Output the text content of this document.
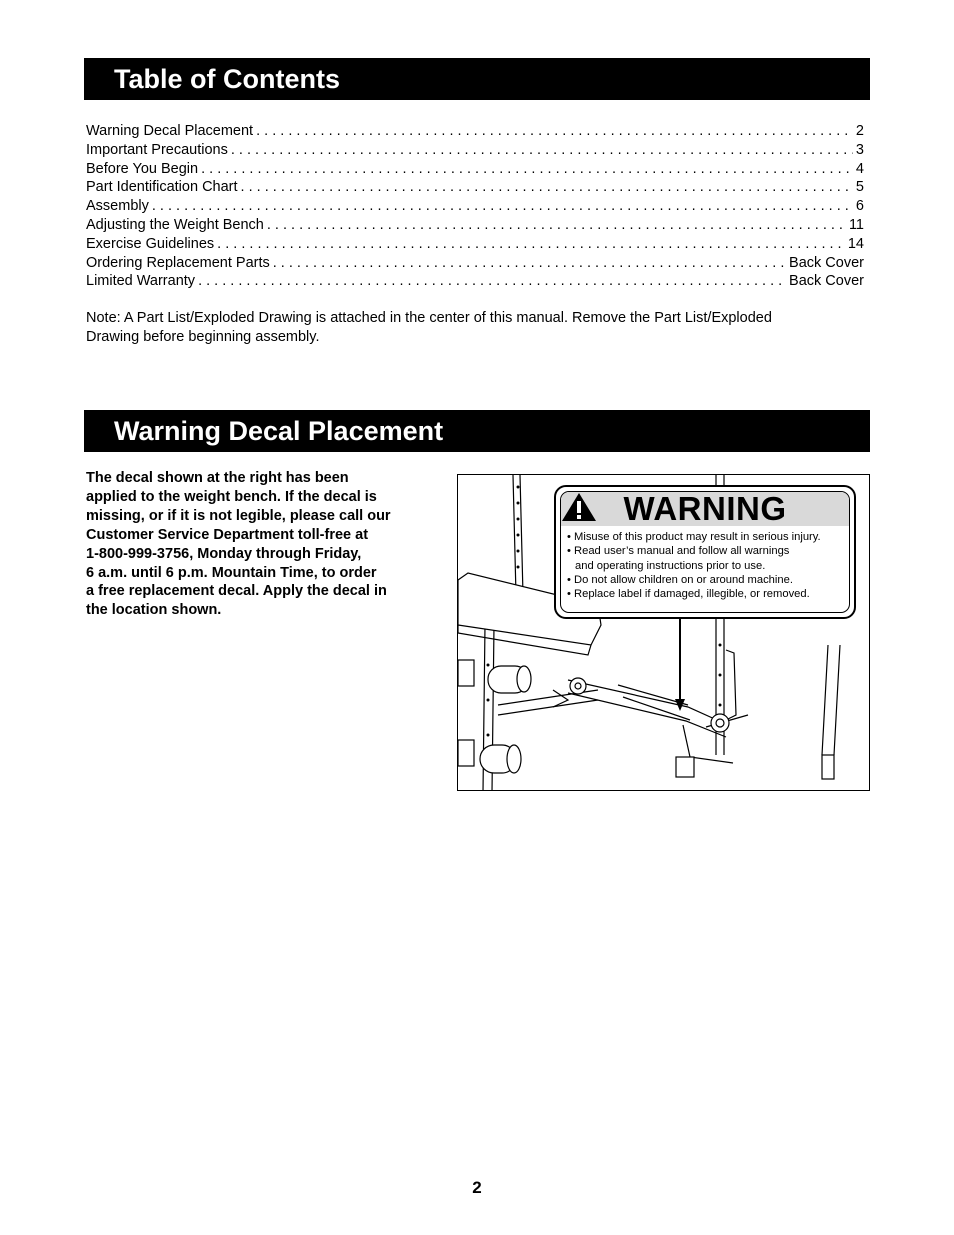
Table of Contents
Warning Decal Placement . . .	2
Important Precautions . . .	3
Before You Begin . . .	4
Part Identification Chart . . .	5
Assembly . . .	6
Adjusting the Weight Bench . . .	11
Exercise Guidelines . . .	14
Ordering Replacement Parts . . .	Back Cover
Limited Warranty . . .	Back Cover
Note: A Part List/Exploded Drawing is attached in the center of this manual. Remove the Part List/Exploded
Drawing before beginning assembly.
Warning Decal Placement
The decal shown at the right has been
applied to the weight bench. If the decal is
missing, or if it is not legible, please call our
Customer Service Department toll-free at
1-800-999-3756, Monday through Friday,
6 a.m. until 6 p.m. Mountain Time, to order
a free replacement decal. Apply the decal in
the location shown.
WARNING
• Misuse of this product may result in serious injury.
• Read user’s manual and follow all warnings
and operating instructions prior to use.
• Do not allow children on or around machine.
• Replace label if damaged, illegible, or removed.
2
